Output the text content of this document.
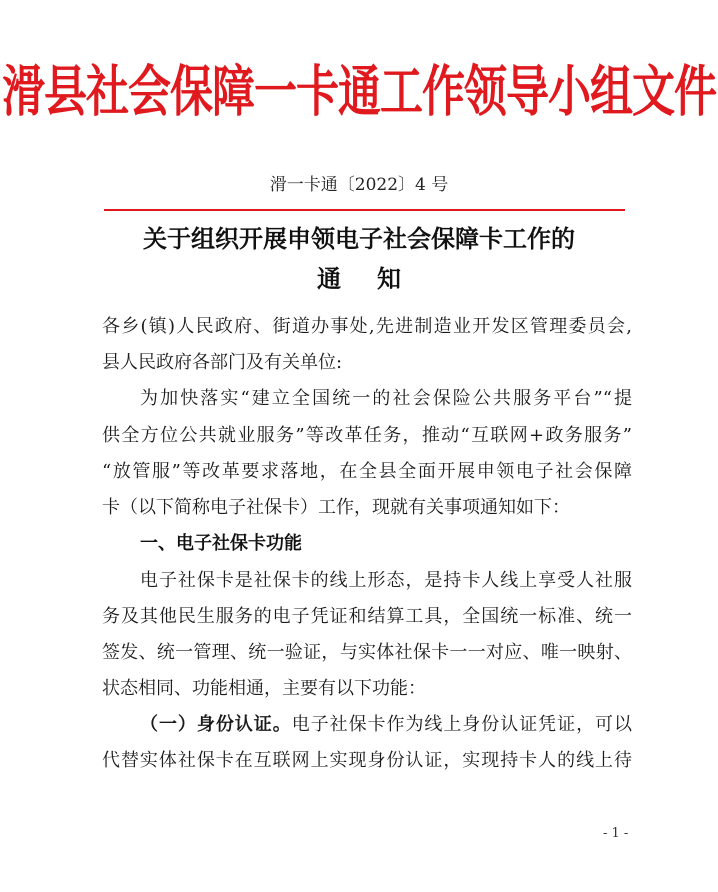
滑县社会保障一卡通工作领导小组文件
滑一卡通〔2022〕4 号
关于组织开展申领电子社会保障卡工作的
通知
各乡(镇)人民政府、街道办事处,先进制造业开发区管理委员会,
县人民政府各部门及有关单位:
为加快落实“建立全国统一的社会保险公共服务平台”“提
供全方位公共就业服务”等改革任务，推动“互联网+政务服务”
“放管服”等改革要求落地，在全县全面开展申领电子社会保障
卡（以下简称电子社保卡）工作，现就有关事项通知如下：
一、电子社保卡功能
电子社保卡是社保卡的线上形态，是持卡人线上享受人社服
务及其他民生服务的电子凭证和结算工具，全国统一标准、统一
签发、统一管理、统一验证，与实体社保卡一一对应、唯一映射、
状态相同、功能相通，主要有以下功能：
（一）身份认证。电子社保卡作为线上身份认证凭证，可以
代替实体社保卡在互联网上实现身份认证，实现持卡人的线上待
- 1 -
